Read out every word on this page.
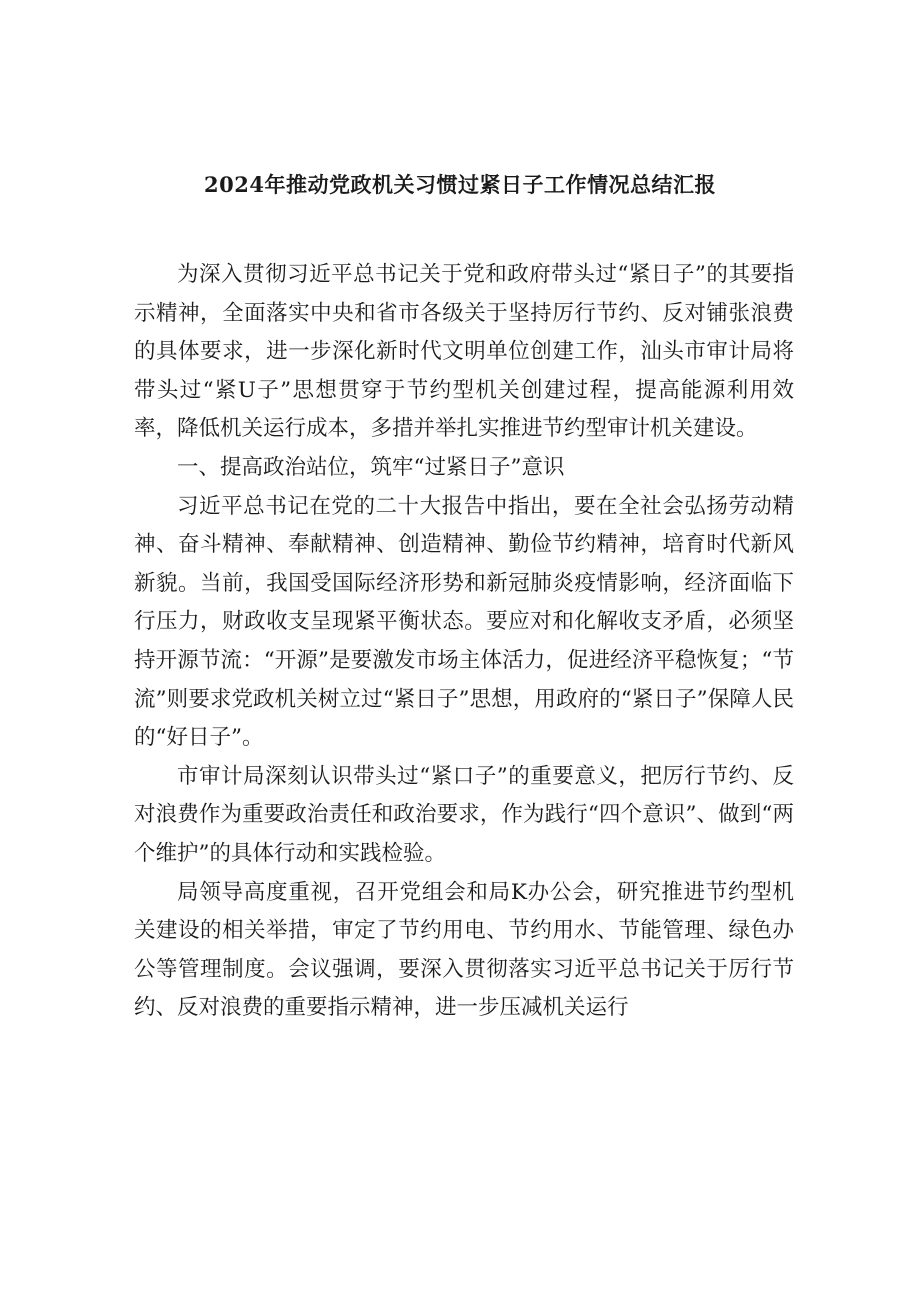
2024年推动党政机关习惯过紧日子工作情况总结汇报

为深入贯彻习近平总书记关于党和政府带头过“紧日子”的其要指示精神，全面落实中央和省市各级关于坚持厉行节约、反对铺张浪费的具体要求，进一步深化新时代文明单位创建工作，汕头市审计局将带头过“紧U子”思想贯穿于节约型机关创建过程，提高能源利用效率，降低机关运行成本，多措并举扎实推进节约型审计机关建设。

一、提高政治站位，筑牢“过紧日子”意识

习近平总书记在党的二十大报告中指出，要在全社会弘扬劳动精神、奋斗精神、奉献精神、创造精神、勤俭节约精神，培育时代新风新貌。当前，我国受国际经济形势和新冠肺炎疫情影响，经济面临下行压力，财政收支呈现紧平衡状态。要应对和化解收支矛盾，必须坚持开源节流：“开源”是要激发市场主体活力，促进经济平稳恢复；“节流”则要求党政机关树立过“紧日子”思想，用政府的“紧日子”保障人民的“好日子”。

市审计局深刻认识带头过“紧口子”的重要意义，把厉行节约、反对浪费作为重要政治责任和政治要求，作为践行“四个意识”、做到“两个维护”的具体行动和实践检验。

局领导高度重视，召开党组会和局K办公会，研究推进节约型机关建设的相关举措，审定了节约用电、节约用水、节能管理、绿色办公等管理制度。会议强调，要深入贯彻落实习近平总书记关于厉行节约、反对浪费的重要指示精神，进一步压减机关运行
